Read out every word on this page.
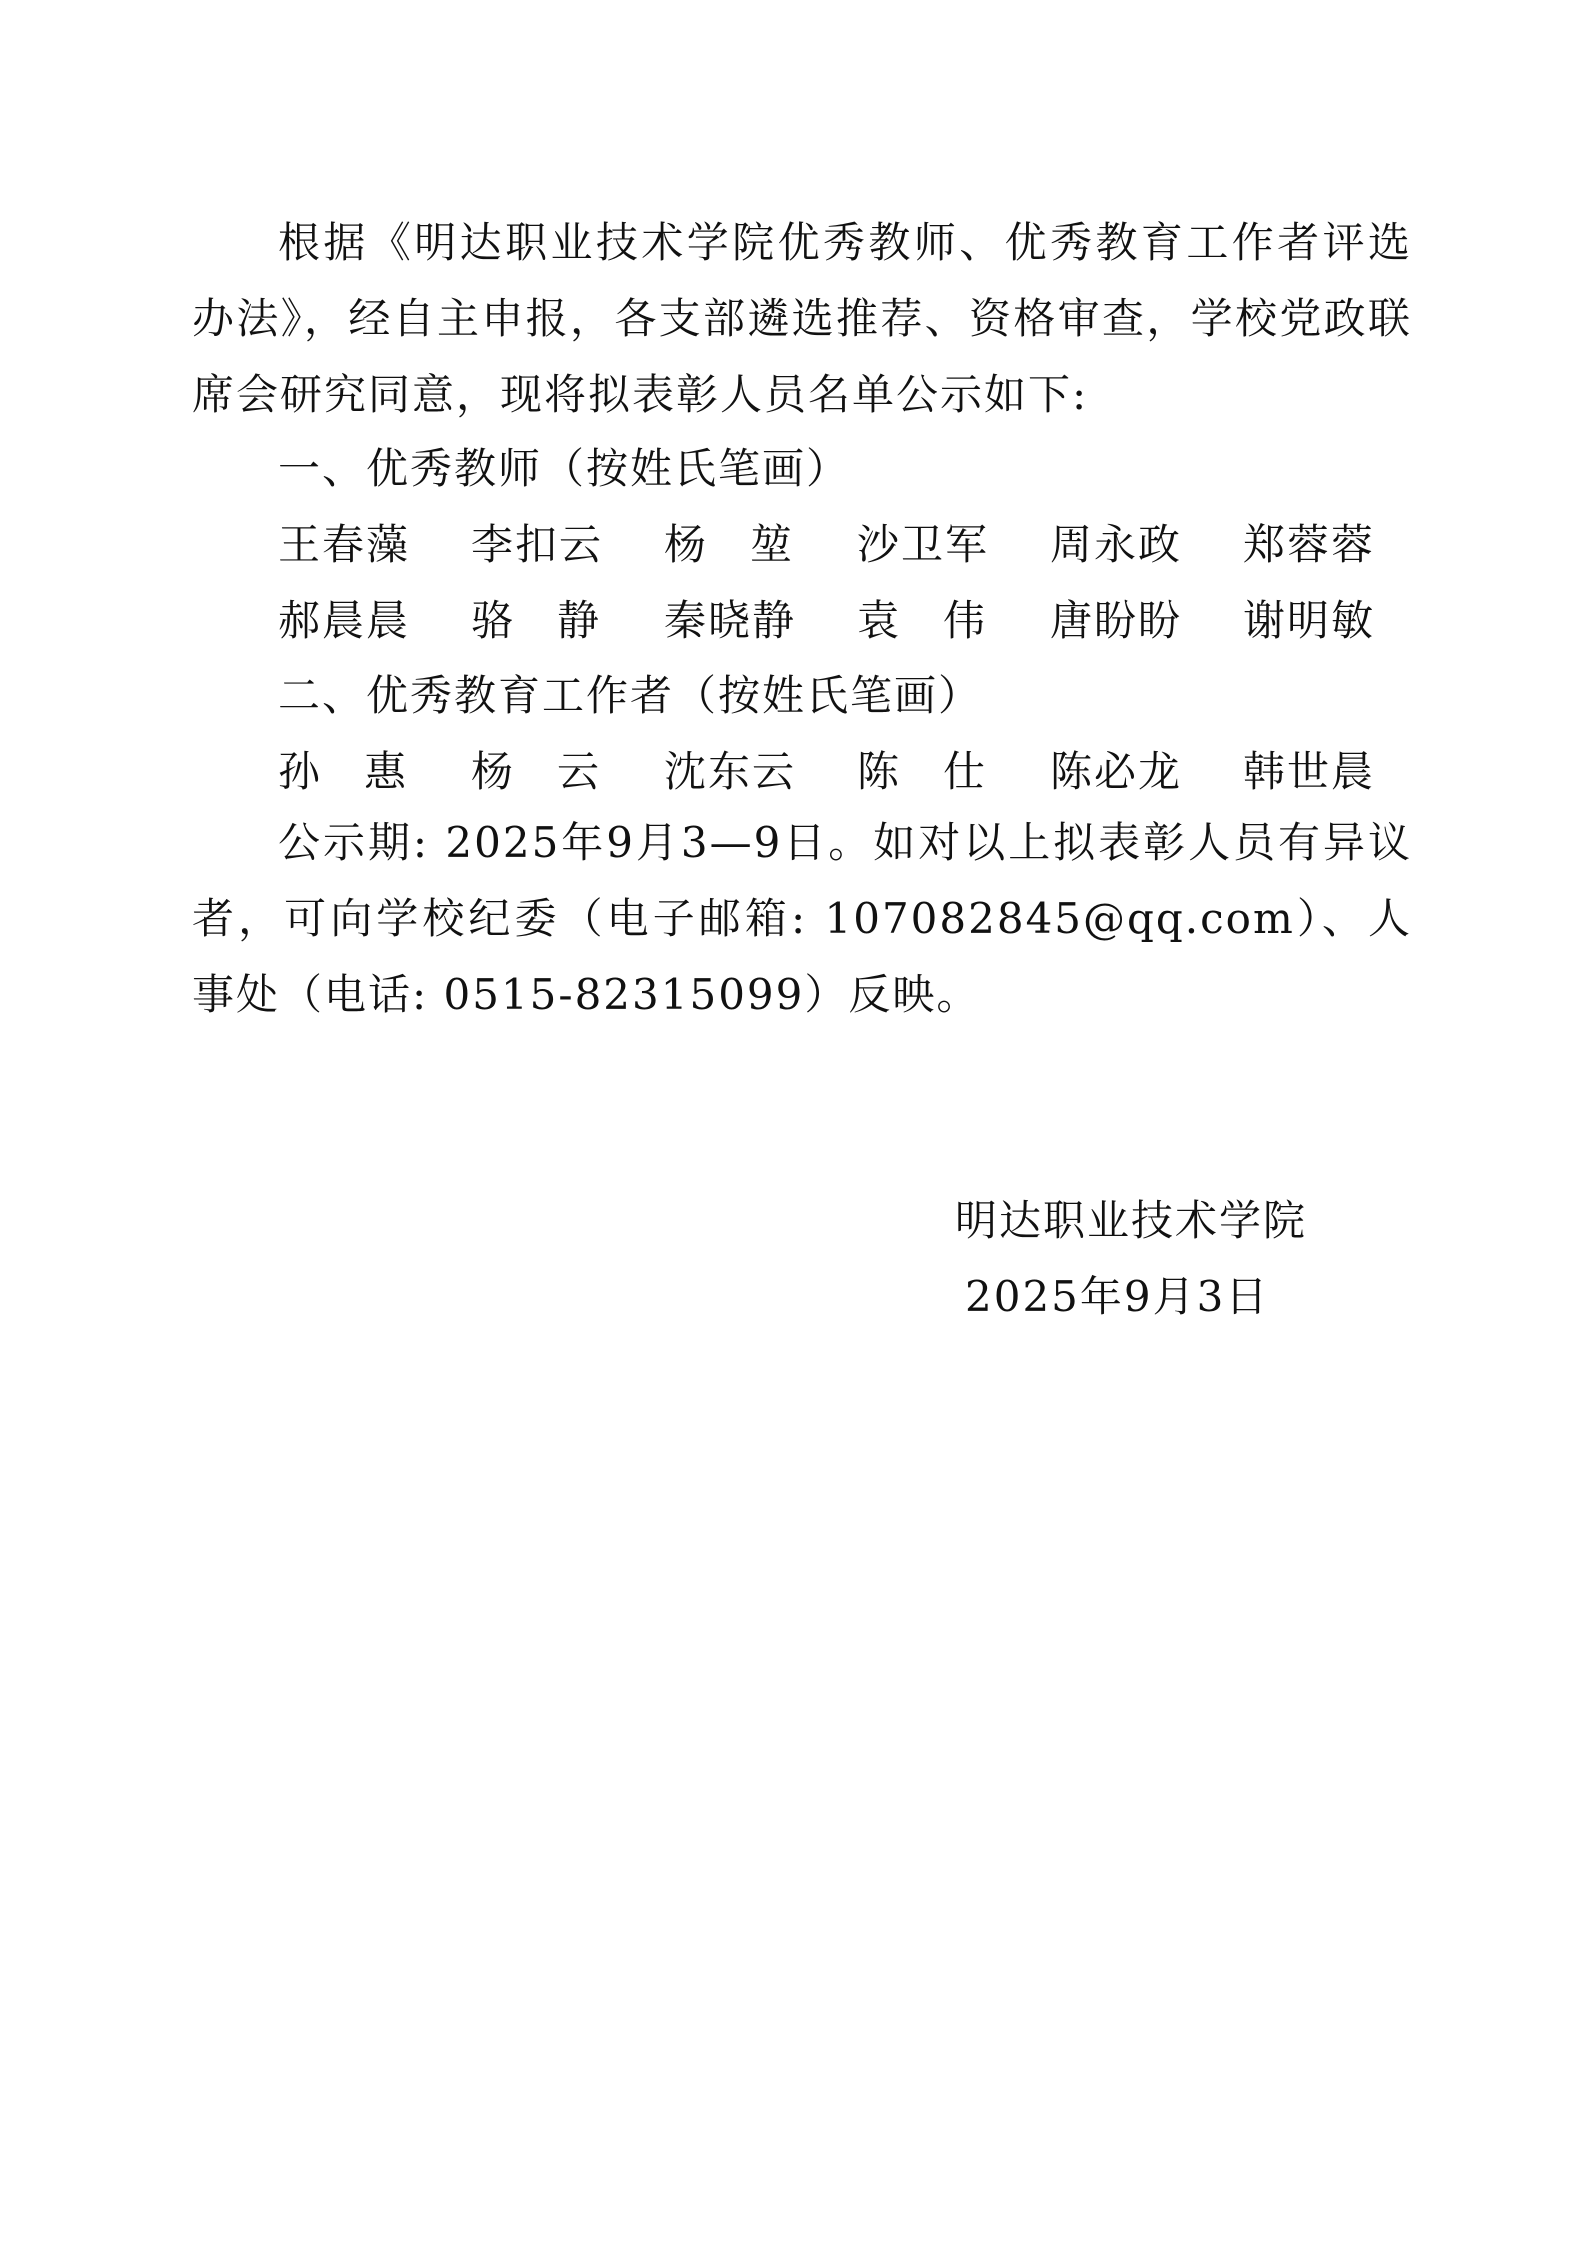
根据《明达职业技术学院优秀教师、优秀教育工作者评选办法》，经自主申报，各支部遴选推荐、资格审查，学校党政联席会研究同意，现将拟表彰人员名单公示如下:

一、优秀教师（按姓氏笔画）
王春藻 李扣云 杨堃 沙卫军 周永政 郑蓉蓉
郝晨晨 骆静 秦晓静 袁伟 唐盼盼 谢明敏
二、优秀教育工作者（按姓氏笔画）
孙惠 杨云 沈东云 陈仕 陈必龙 韩世晨

公示期: 2025年9月3—9日。如对以上拟表彰人员有异议者，可向学校纪委（电子邮箱: 107082845@qq.com）、人事处（电话: 0515-82315099）反映。

明达职业技术学院
2025年9月3日
